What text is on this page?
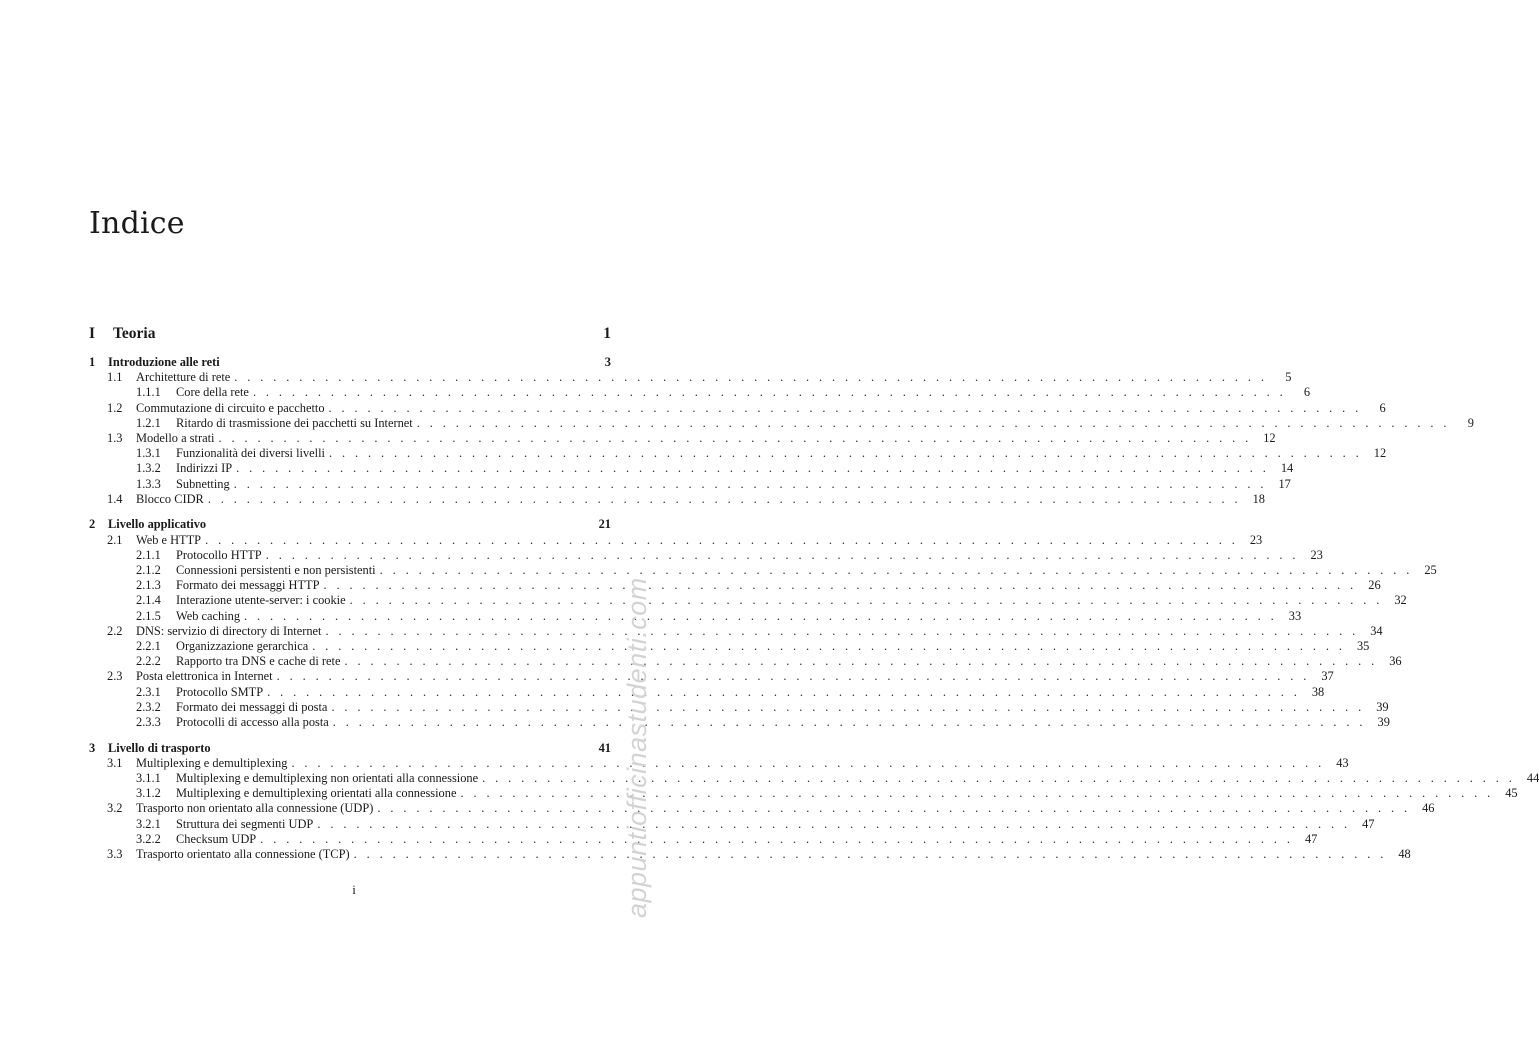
Indice
I	Teoria	1
1	Introduzione alle reti	3
1.1	Architetture di rete . . . . . . . . . . . . . . . . . . . . . . . . . . . . . . . . . . . . . . . . . . . . . . . . . . . . . . . . . . . . . . . . . . . . . . . . . . . . . . . .	5
1.1.1	Core della rete . . . . . . . . . . . . . . . . . . . . . . . . . . . . . . . . . . . . . . . . . . . . . . . . . . . . . . . . . . . . . . . . . . . . . . . . . . . . . . . .	6
1.2	Commutazione di circuito e pacchetto . . . . . . . . . . . . . . . . . . . . . . . . . . . . . . . . . . . . . . . . . . . . . . . . . . . . . . . . . . . . . . . . . . . . . . . . . . . . . . . .	6
1.2.1	Ritardo di trasmissione dei pacchetti su Internet . . . . . . . . . . . . . . . . . . . . . . . . . . . . . . . . . . . . . . . . . . . . . . . . . . . . . . . . . . . . . . . . . . . . . . . . . . . . . . . .	9
1.3	Modello a strati . . . . . . . . . . . . . . . . . . . . . . . . . . . . . . . . . . . . . . . . . . . . . . . . . . . . . . . . . . . . . . . . . . . . . . . . . . . . . . . . 12
1.3.1	Funzionalità dei diversi livelli . . . . . . . . . . . . . . . . . . . . . . . . . . . . . . . . . . . . . . . . . . . . . . . . . . . . . . . . . . . . . . . . . . . . . . . . . . . . . . . . 12
1.3.2	Indirizzi IP . . . . . . . . . . . . . . . . . . . . . . . . . . . . . . . . . . . . . . . . . . . . . . . . . . . . . . . . . . . . . . . . . . . . . . . . . . . . . . . . 14
1.3.3	Subnetting . . . . . . . . . . . . . . . . . . . . . . . . . . . . . . . . . . . . . . . . . . . . . . . . . . . . . . . . . . . . . . . . . . . . . . . . . . . . . . . . 17
1.4	Blocco CIDR . . . . . . . . . . . . . . . . . . . . . . . . . . . . . . . . . . . . . . . . . . . . . . . . . . . . . . . . . . . . . . . . . . . . . . . . . . . . . . . . 18
2	Livello applicativo	21
2.1	Web e HTTP . . . . . . . . . . . . . . . . . . . . . . . . . . . . . . . . . . . . . . . . . . . . . . . . . . . . . . . . . . . . . . . . . . . . . . . . . . . . . . . . 23
2.1.1	Protocollo HTTP . . . . . . . . . . . . . . . . . . . . . . . . . . . . . . . . . . . . . . . . . . . . . . . . . . . . . . . . . . . . . . . . . . . . . . . . . . . . . . . . 23
2.1.2	Connessioni persistenti e non persistenti . . . . . . . . . . . . . . . . . . . . . . . . . . . . . . . . . . . . . . . . . . . . . . . . . . . . . . . . . . . . . . . . . . . . . . . . . . . . . . . . 25
2.1.3	Formato dei messaggi HTTP . . . . . . . . . . . . . . . . . . . . . . . . . . . . . . . . . . . . . . . . . . . . . . . . . . . . . . . . . . . . . . . . . . . . . . . . . . . . . . . . 26
2.1.4	Interazione utente-server: i cookie . . . . . . . . . . . . . . . . . . . . . . . . . . . . . . . . . . . . . . . . . . . . . . . . . . . . . . . . . . . . . . . . . . . . . . . . . . . . . . . . 32
2.1.5	Web caching . . . . . . . . . . . . . . . . . . . . . . . . . . . . . . . . . . . . . . . . . . . . . . . . . . . . . . . . . . . . . . . . . . . . . . . . . . . . . . . . 33
2.2	DNS: servizio di directory di Internet . . . . . . . . . . . . . . . . . . . . . . . . . . . . . . . . . . . . . . . . . . . . . . . . . . . . . . . . . . . . . . . . . . . . . . . . . . . . . . . . 34
2.2.1	Organizzazione gerarchica . . . . . . . . . . . . . . . . . . . . . . . . . . . . . . . . . . . . . . . . . . . . . . . . . . . . . . . . . . . . . . . . . . . . . . . . . . . . . . . . 35
2.2.2	Rapporto tra DNS e cache di rete . . . . . . . . . . . . . . . . . . . . . . . . . . . . . . . . . . . . . . . . . . . . . . . . . . . . . . . . . . . . . . . . . . . . . . . . . . . . . . . . 36
2.3	Posta elettronica in Internet . . . . . . . . . . . . . . . . . . . . . . . . . . . . . . . . . . . . . . . . . . . . . . . . . . . . . . . . . . . . . . . . . . . . . . . . . . . . . . . . 37
2.3.1	Protocollo SMTP . . . . . . . . . . . . . . . . . . . . . . . . . . . . . . . . . . . . . . . . . . . . . . . . . . . . . . . . . . . . . . . . . . . . . . . . . . . . . . . . 38
2.3.2	Formato dei messaggi di posta . . . . . . . . . . . . . . . . . . . . . . . . . . . . . . . . . . . . . . . . . . . . . . . . . . . . . . . . . . . . . . . . . . . . . . . . . . . . . . . . 39
2.3.3	Protocolli di accesso alla posta . . . . . . . . . . . . . . . . . . . . . . . . . . . . . . . . . . . . . . . . . . . . . . . . . . . . . . . . . . . . . . . . . . . . . . . . . . . . . . . . 39
3	Livello di trasporto	41
3.1	Multiplexing e demultiplexing . . . . . . . . . . . . . . . . . . . . . . . . . . . . . . . . . . . . . . . . . . . . . . . . . . . . . . . . . . . . . . . . . . . . . . . . . . . . . . . . 43
3.1.1	Multiplexing e demultiplexing non orientati alla connessione . . . . . . . . . . . . . . . . . . . . . . . . . . . . . . . . . . . . . . . . . . . . . . . . . . . . . . . . . . . . . . . . . . . . . . . . . . . . . . . . 44
3.1.2	Multiplexing e demultiplexing orientati alla connessione . . . . . . . . . . . . . . . . . . . . . . . . . . . . . . . . . . . . . . . . . . . . . . . . . . . . . . . . . . . . . . . . . . . . . . . . . . . . . . . . 45
3.2	Trasporto non orientato alla connessione (UDP) . . . . . . . . . . . . . . . . . . . . . . . . . . . . . . . . . . . . . . . . . . . . . . . . . . . . . . . . . . . . . . . . . . . . . . . . . . . . . . . . 46
3.2.1	Struttura dei segmenti UDP . . . . . . . . . . . . . . . . . . . . . . . . . . . . . . . . . . . . . . . . . . . . . . . . . . . . . . . . . . . . . . . . . . . . . . . . . . . . . . . . 47
3.2.2	Checksum UDP . . . . . . . . . . . . . . . . . . . . . . . . . . . . . . . . . . . . . . . . . . . . . . . . . . . . . . . . . . . . . . . . . . . . . . . . . . . . . . . . 47
3.3	Trasporto orientato alla connessione (TCP) . . . . . . . . . . . . . . . . . . . . . . . . . . . . . . . . . . . . . . . . . . . . . . . . . . . . . . . . . . . . . . . . . . . . . . . . . . . . . . . . 48
i	appuntiofficinastudenti.com
